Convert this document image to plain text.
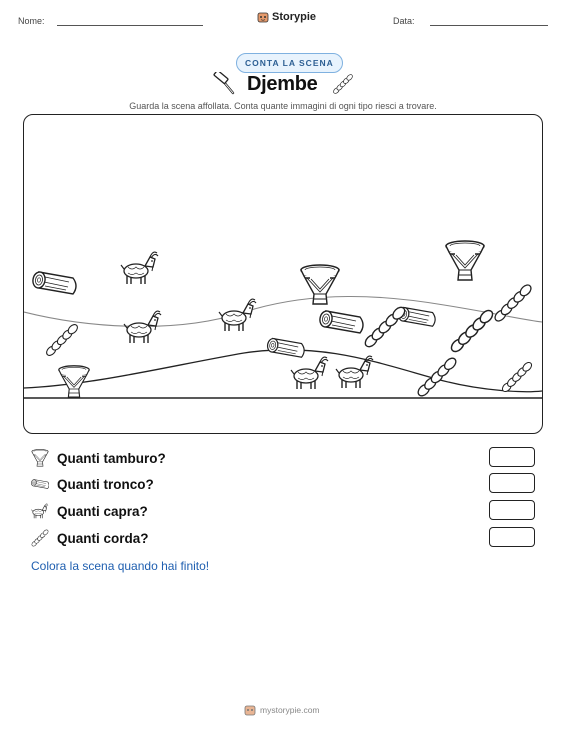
Nome:	Storypie	Data:
CONTA LA SCENA
Djembe
Guarda la scena affollata. Conta quante immagini di ogni tipo riesci a trovare.
Quanti tamburo?
Quanti tronco?
Quanti capra?
Quanti corda?
Colora la scena quando hai finito!
mystorypie.com
